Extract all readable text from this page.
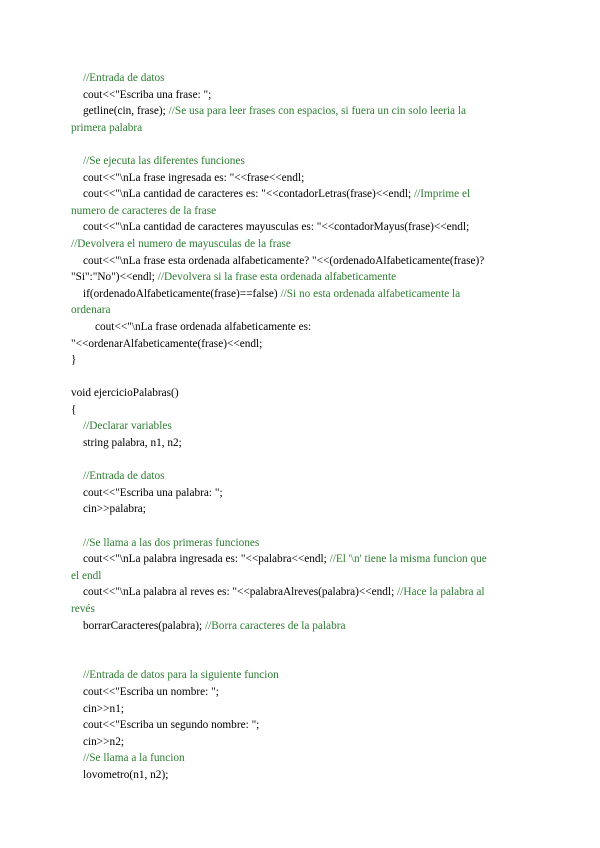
//Entrada de datos
cout<<"Escriba una frase: ";
getline(cin, frase); //Se usa para leer frases con espacios, si fuera un cin solo leeria la
primera palabra
//Se ejecuta las diferentes funciones
cout<<"\nLa frase ingresada es: "<<frase<<endl;
cout<<"\nLa cantidad de caracteres es: "<<contadorLetras(frase)<<endl; //Imprime el
numero de caracteres de la frase
cout<<"\nLa cantidad de caracteres mayusculas es: "<<contadorMayus(frase)<<endl;
//Devolvera el numero de mayusculas de la frase
cout<<"\nLa frase esta ordenada alfabeticamente? "<<(ordenadoAlfabeticamente(frase)?
"Si":"No")<<endl; //Devolvera si la frase esta ordenada alfabeticamente
if(ordenadoAlfabeticamente(frase)==false) //Si no esta ordenada alfabeticamente la
ordenara
cout<<"\nLa frase ordenada alfabeticamente es:
"<<ordenarAlfabeticamente(frase)<<endl;
}
void ejercicioPalabras()
{
//Declarar variables
string palabra, n1, n2;
//Entrada de datos
cout<<"Escriba una palabra: ";
cin>>palabra;
//Se llama a las dos primeras funciones
cout<<"\nLa palabra ingresada es: "<<palabra<<endl; //El '\n' tiene la misma funcion que
el endl
cout<<"\nLa palabra al reves es: "<<palabraAlreves(palabra)<<endl; //Hace la palabra al
revés
borrarCaracteres(palabra); //Borra caracteres de la palabra
//Entrada de datos para la siguiente funcion
cout<<"Escriba un nombre: ";
cin>>n1;
cout<<"Escriba un segundo nombre: ";
cin>>n2;
//Se llama a la funcion
lovometro(n1, n2);
